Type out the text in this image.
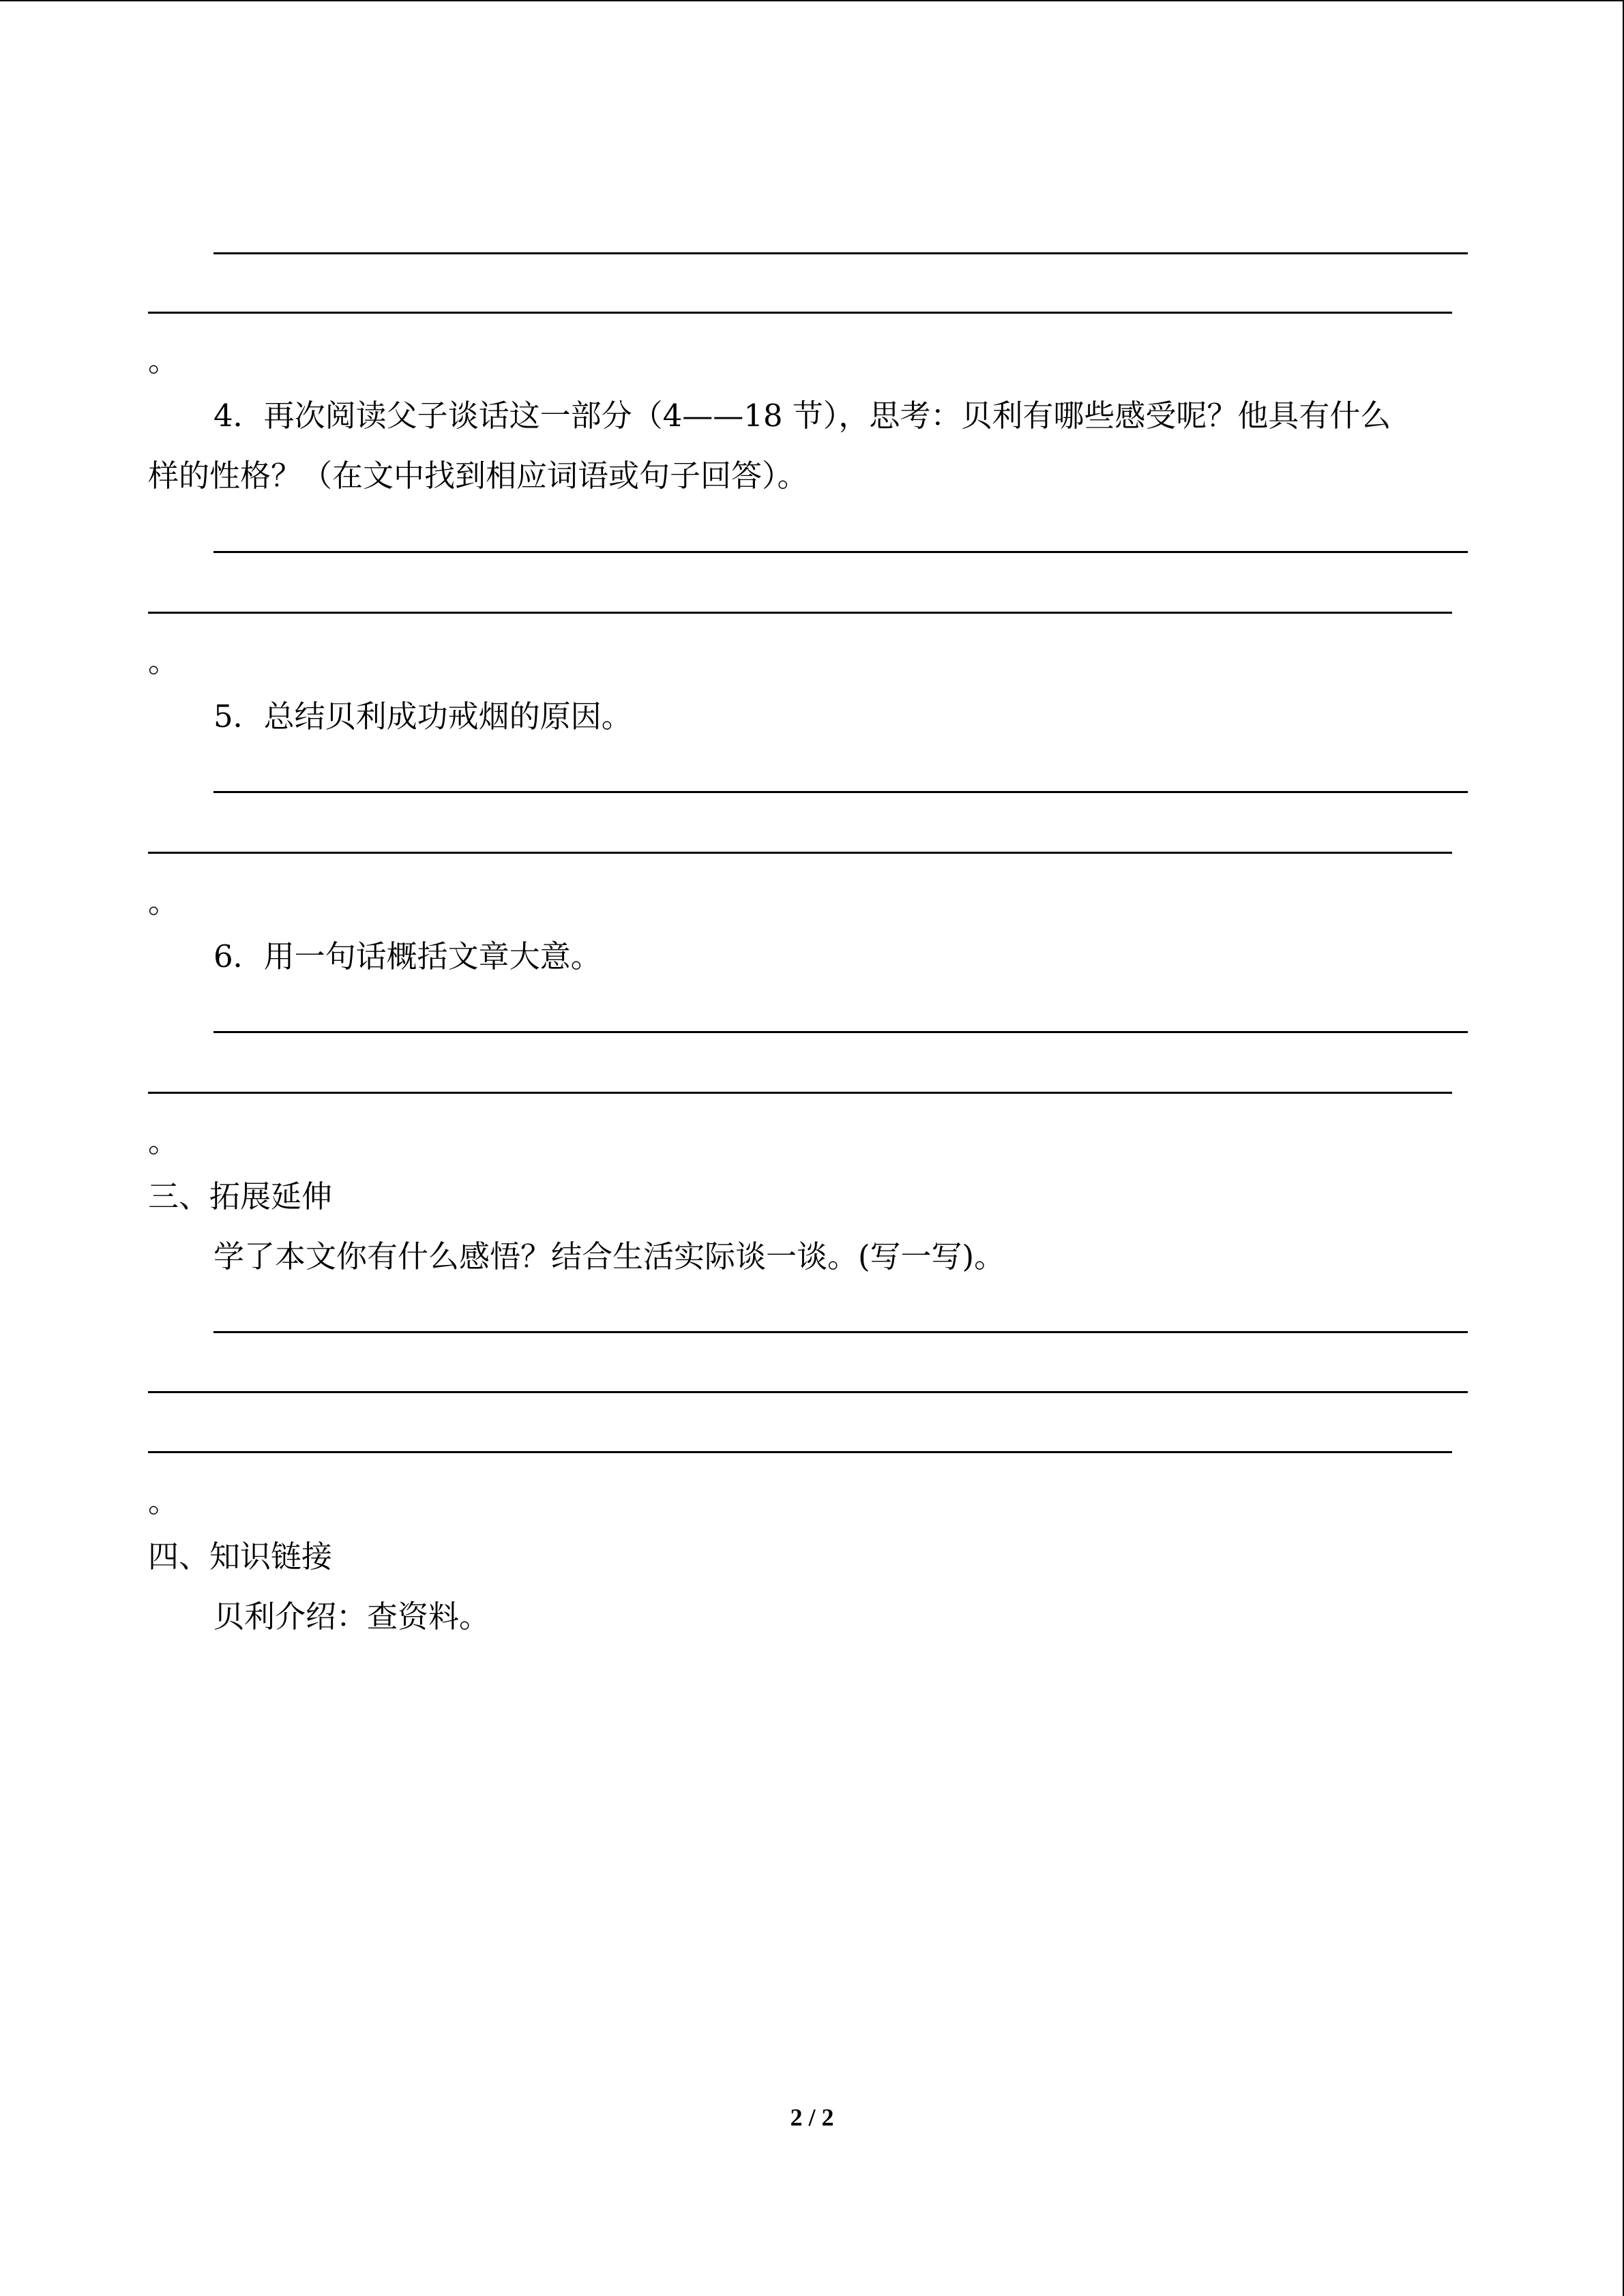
。
4．再次阅读父子谈话这一部分（4——18 节），思考：贝利有哪些感受呢？他具有什么
样的性格？（在文中找到相应词语或句子回答）。
。
5．总结贝利成功戒烟的原因。
。
6．用一句话概括文章大意。
。
三、拓展延伸
学了本文你有什么感悟？结合生活实际谈一谈。(写一写)。
。
四、知识链接
贝利介绍：查资料。
2 / 2
